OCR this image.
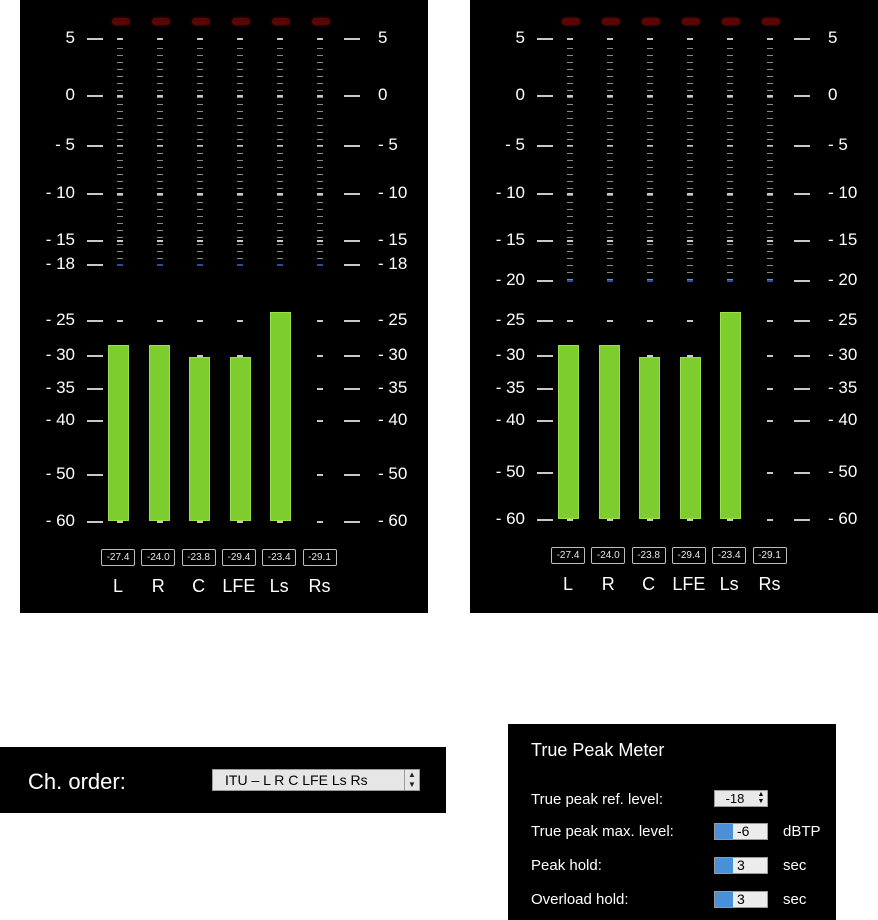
5	5
0	0
- 5	- 5
- 10	- 10
- 15	- 15
- 18	- 18
- 25	- 25
- 30	- 30
- 35	- 35
- 40	- 40
- 50	- 50
- 60	- 60
-27.4
L
-24.0
R
-23.8
C
-29.4
LFE
-23.4
Ls
-29.1
Rs
5	5
0	0
- 5	- 5
- 10	- 10
- 15	- 15
- 20	- 20
- 25	- 25
- 30	- 30
- 35	- 35
- 40	- 40
- 50	- 50
- 60	- 60
-27.4
L
-24.0
R
-23.8
C
-29.4
LFE
-23.4
Ls
-29.1
Rs
Ch. order:	ITU – L R C LFE Ls Rs	▲
▼
True Peak Meter
True peak ref. level:	-18	▲
▼
True peak max. level:	-6 dBTP
Peak hold:	3	sec
Overload hold:	3	sec
